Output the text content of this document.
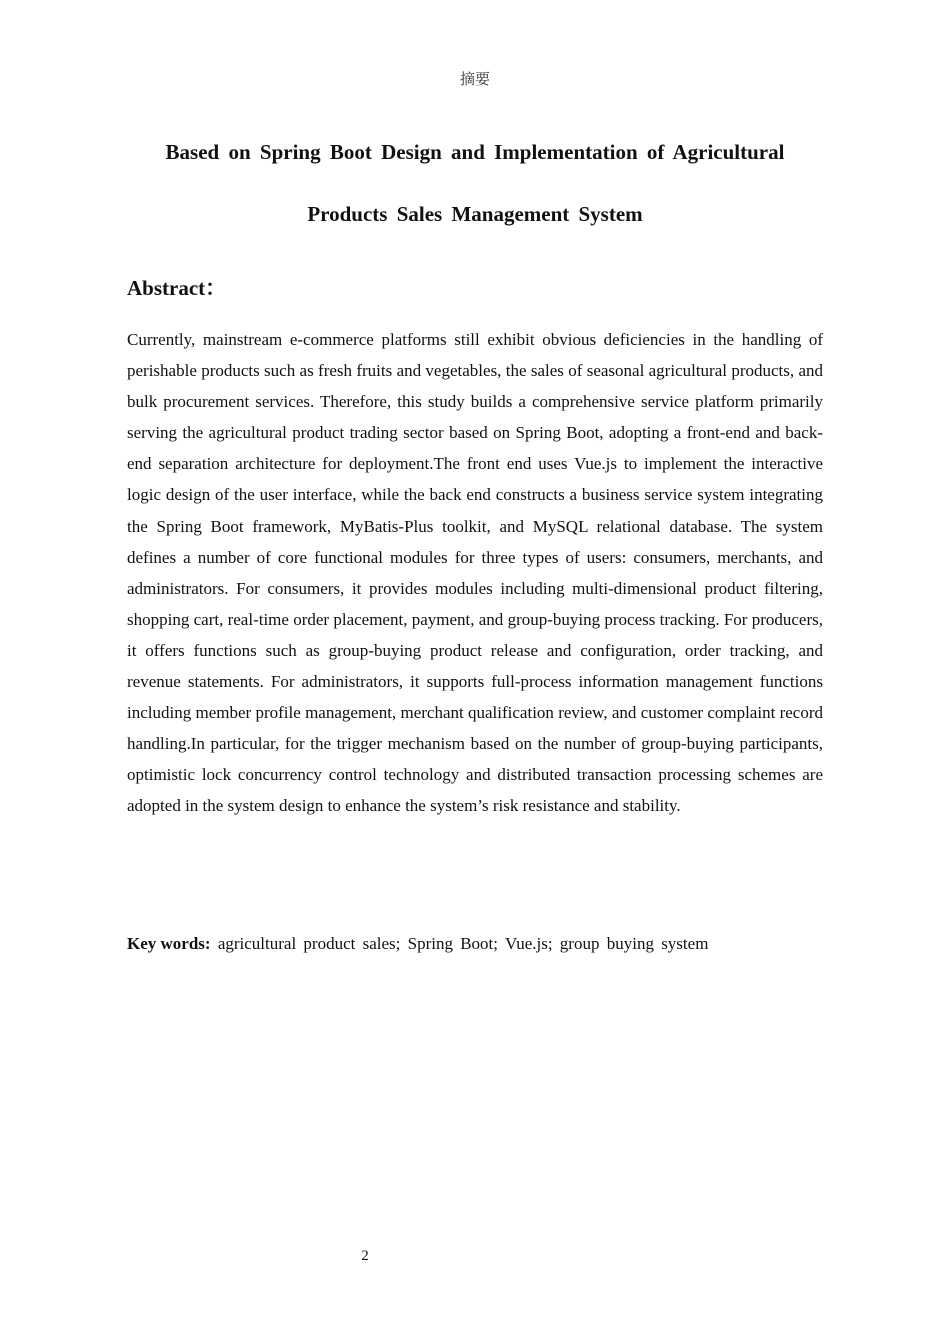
摘要
Based on Spring Boot Design and Implementation of Agricultural
Products Sales Management System
Abstract：

Currently, mainstream e-commerce platforms still exhibit obvious deficiencies in the handling of perishable products such as fresh fruits and vegetables, the sales of seasonal agricultural products, and bulk procurement services. Therefore, this study builds a comprehensive service platform primarily serving the agricultural product trading sector based on Spring Boot, adopting a front-end and back-end separation architecture for deployment.The front end uses Vue.js to implement the interactive logic design of the user interface, while the back end constructs a business service system integrating the Spring Boot framework, MyBatis-Plus toolkit, and MySQL relational database. The system defines a number of core functional modules for three types of users: consumers, merchants, and administrators. For consumers, it provides modules including multi-dimensional product filtering, shopping cart, real-time order placement, payment, and group-buying process tracking. For producers, it offers functions such as group-buying product release and configuration, order tracking, and revenue statements. For administrators, it supports full-process information management functions including member profile management, merchant qualification review, and customer complaint record handling.In particular, for the trigger mechanism based on the number of group-buying participants, optimistic lock concurrency control technology and distributed transaction processing schemes are adopted in the system design to enhance the system’s risk resistance and stability.

Key words: agricultural product sales; Spring Boot; Vue.js; group buying system
2
